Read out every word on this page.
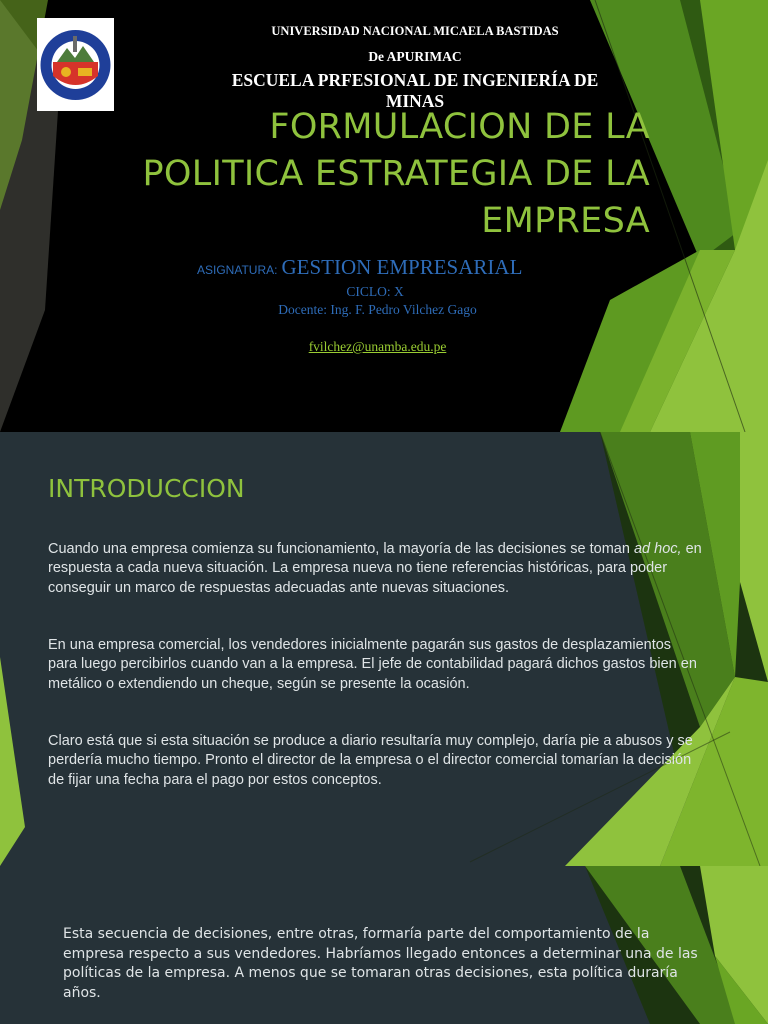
UNIVERSIDAD NACIONAL MICAELA BASTIDAS
De APURIMAC
ESCUELA PRFESIONAL DE INGENIERÍA DE MINAS
FORMULACION DE LA POLITICA ESTRATEGIA DE LA EMPRESA
ASIGNATURA: GESTION EMPRESARIAL
CICLO: X
Docente: Ing. F. Pedro Vilchez Gago
fvilchez@unamba.edu.pe
INTRODUCCION

Cuando una empresa comienza su funcionamiento, la mayoría de las decisiones se toman ad hoc, en respuesta a cada nueva situación. La empresa nueva no tiene referencias históricas, para poder conseguir un marco de respuestas adecuadas ante nuevas situaciones.

En una empresa comercial, los vendedores inicialmente pagarán sus gastos de desplazamientos para luego percibirlos cuando van a la empresa. El jefe de contabilidad pagará dichos gastos bien en metálico o extendiendo un cheque, según se presente la ocasión.

Claro está que si esta situación se produce a diario resultaría muy complejo, daría pie a abusos y se perdería mucho tiempo. Pronto el director de la empresa o el director comercial tomarían la decisión de fijar una fecha para el pago por estos conceptos.

Esta secuencia de decisiones, entre otras, formaría parte del comportamiento de la empresa respecto a sus vendedores. Habríamos llegado entonces a determinar una de las políticas de la empresa. A menos que se tomaran otras decisiones, esta política duraría años.
